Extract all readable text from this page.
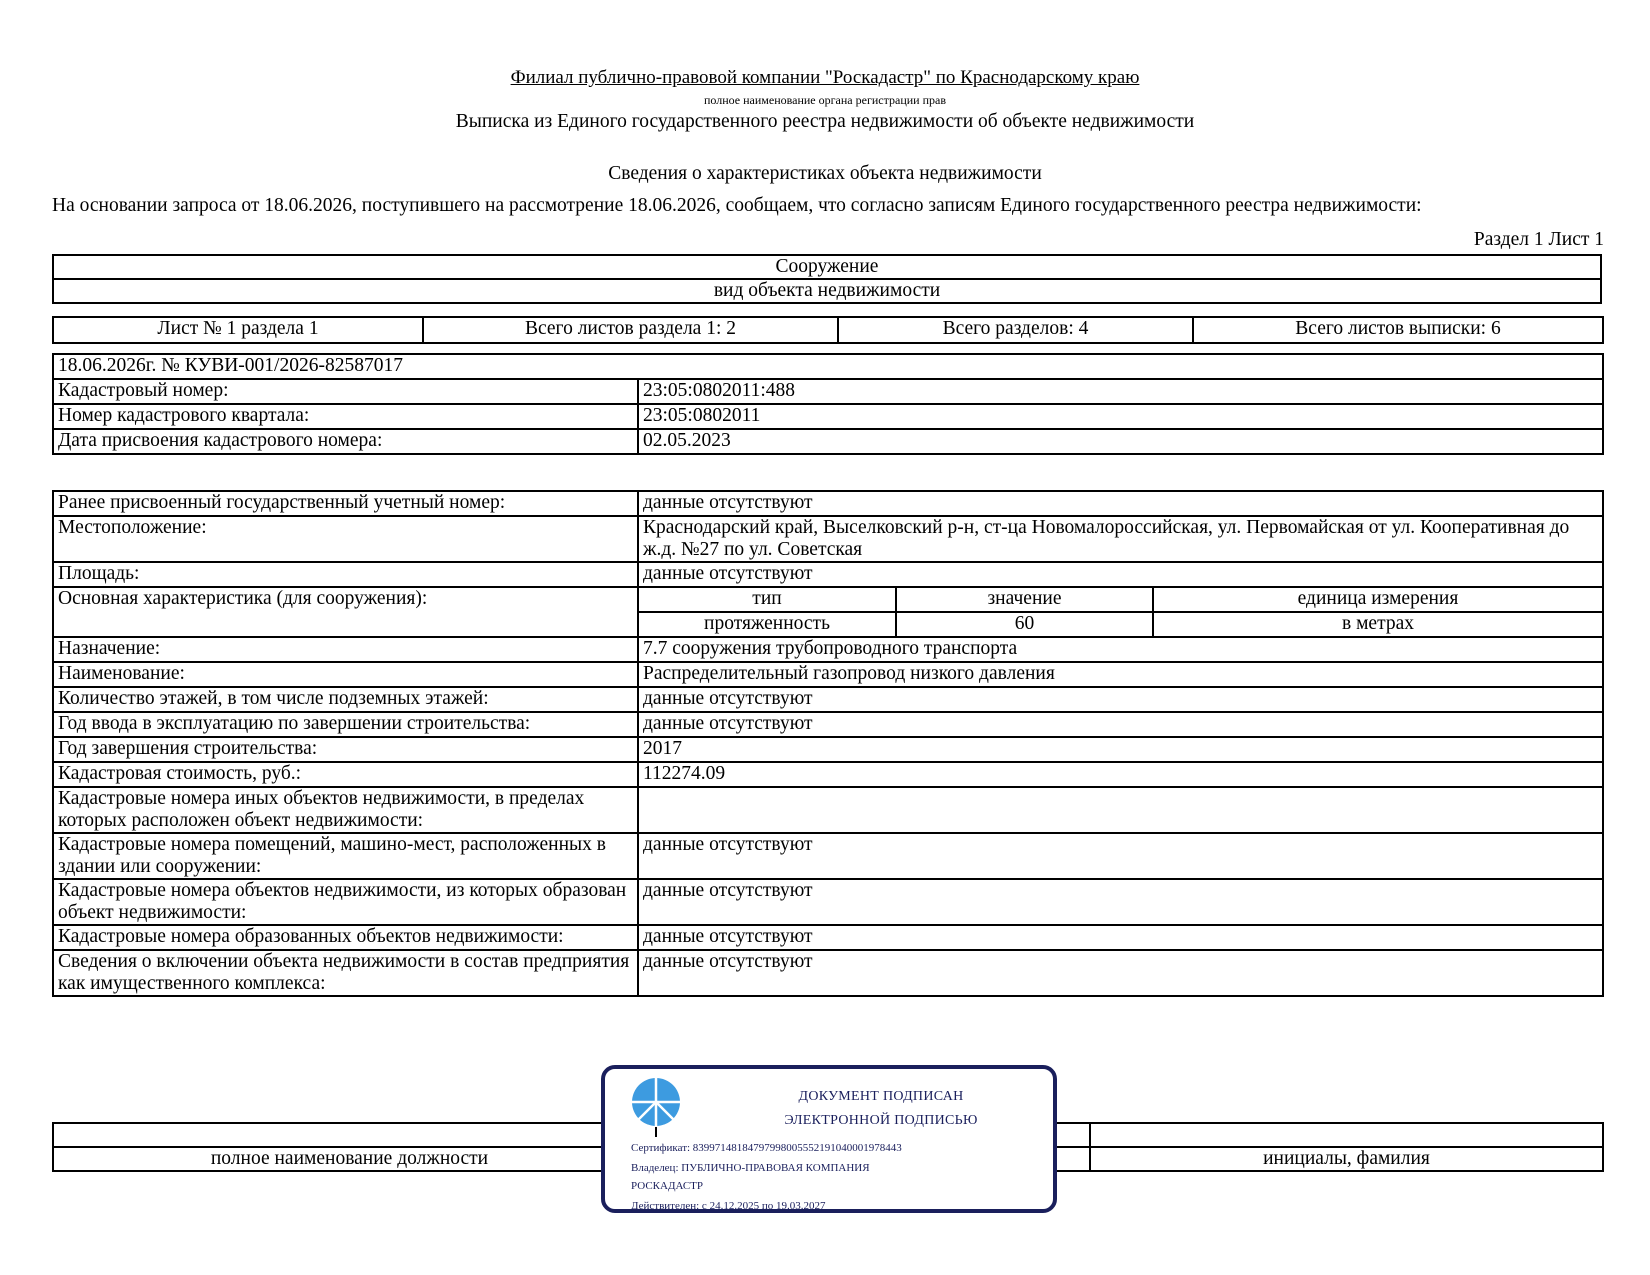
Филиал публично-правовой компании "Роскадастр" по Краснодарскому краю
полное наименование органа регистрации прав
Выписка из Единого государственного реестра недвижимости об объекте недвижимости
Сведения о характеристиках объекта недвижимости
На основании запроса от 18.06.2026, поступившего на рассмотрение 18.06.2026, сообщаем, что согласно записям Единого государственного реестра недвижимости:
Раздел 1 Лист 1
Сооружение
вид объекта недвижимости
Лист № 1 раздела 1	Всего листов раздела 1: 2	Всего разделов: 4	Всего листов выписки: 6
18.06.2026г. № КУВИ-001/2026-82587017	
Кадастровый номер:	23:05:0802011:488
Номер кадастрового квартала:	23:05:0802011
Дата присвоения кадастрового номера:	02.05.2023
Ранее присвоенный государственный учетный номер:	данные отсутствуют
Местоположение:	Краснодарский край, Выселковский р-н, ст-ца Новомалороссийская, ул. Первомайская от ул. Кооперативная до ж.д. №27 по ул. Советская
Площадь:	данные отсутствуют
Основная характеристика (для сооружения):		тип	значение	единица измерения
протяженность	60	в метрах

Назначение:	7.7 сооружения трубопроводного транспорта
Наименование:	Распределительный газопровод низкого давления
Количество этажей, в том числе подземных этажей:	данные отсутствуют
Год ввода в эксплуатацию по завершении строительства:	данные отсутствуют
Год завершения строительства:	2017
Кадастровая стоимость, руб.:	112274.09
Кадастровые номера иных объектов недвижимости, в пределах которых расположен объект недвижимости:	
Кадастровые номера помещений, машино-мест, расположенных в здании или сооружении:	данные отсутствуют
Кадастровые номера объектов недвижимости, из которых образован объект недвижимости:	данные отсутствуют
Кадастровые номера образованных объектов недвижимости:	данные отсутствуют
Сведения о включении объекта недвижимости в состав предприятия как имущественного комплекса:	данные отсутствуют

полное наименование должности	инициалы, фамилия
ДОКУМЕНТ ПОДПИСАН
ЭЛЕКТРОННОЙ ПОДПИСЬЮ
Сертификат: 83997148184797998005552191040001978443
Владелец: ПУБЛИЧНО-ПРАВОВАЯ КОМПАНИЯ
РОСКАДАСТР
Действителен: с 24.12.2025 по 19.03.2027
